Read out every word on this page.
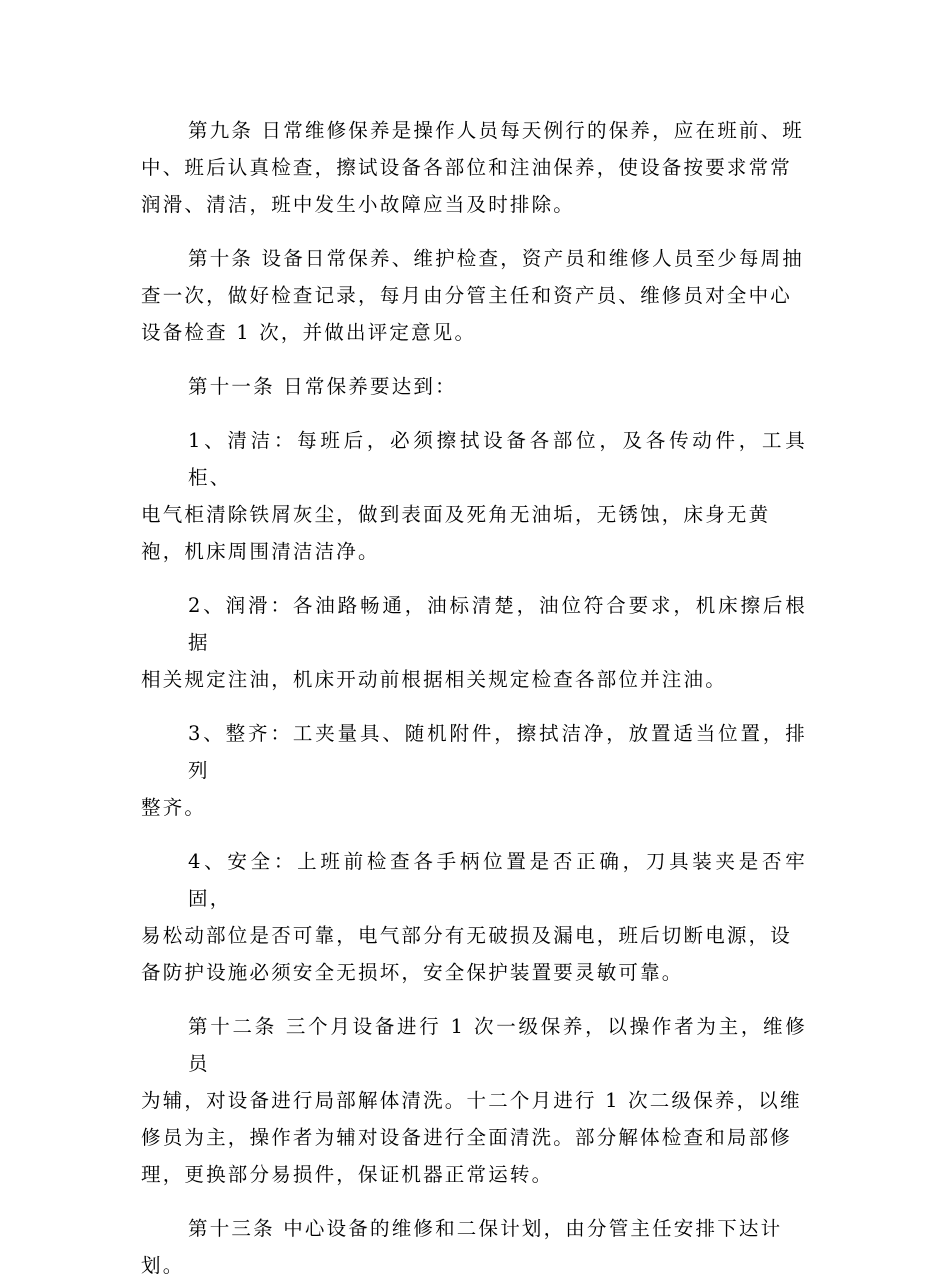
第九条 日常维修保养是操作人员每天例行的保养，应在班前、班
中、班后认真检查，擦试设备各部位和注油保养，使设备按要求常常
润滑、清洁，班中发生小故障应当及时排除。

第十条 设备日常保养、维护检查，资产员和维修人员至少每周抽
查一次，做好检查记录，每月由分管主任和资产员、维修员对全中心
设备检查 1 次，并做出评定意见。

第十一条 日常保养要达到：

1、清洁：每班后，必须擦拭设备各部位，及各传动件，工具柜、
电气柜清除铁屑灰尘，做到表面及死角无油垢，无锈蚀，床身无黄
袍，机床周围清洁洁净。

2、润滑：各油路畅通，油标清楚，油位符合要求，机床擦后根据
相关规定注油，机床开动前根据相关规定检查各部位并注油。

3、整齐：工夹量具、随机附件，擦拭洁净，放置适当位置，排列
整齐。

4、安全：上班前检查各手柄位置是否正确，刀具装夹是否牢固，
易松动部位是否可靠，电气部分有无破损及漏电，班后切断电源，设
备防护设施必须安全无损坏，安全保护装置要灵敏可靠。

第十二条 三个月设备进行 1 次一级保养，以操作者为主，维修员
为辅，对设备进行局部解体清洗。十二个月进行 1 次二级保养，以维
修员为主，操作者为辅对设备进行全面清洗。部分解体检查和局部修
理，更换部分易损件，保证机器正常运转。

第十三条 中心设备的维修和二保计划，由分管主任安排下达计
划。
